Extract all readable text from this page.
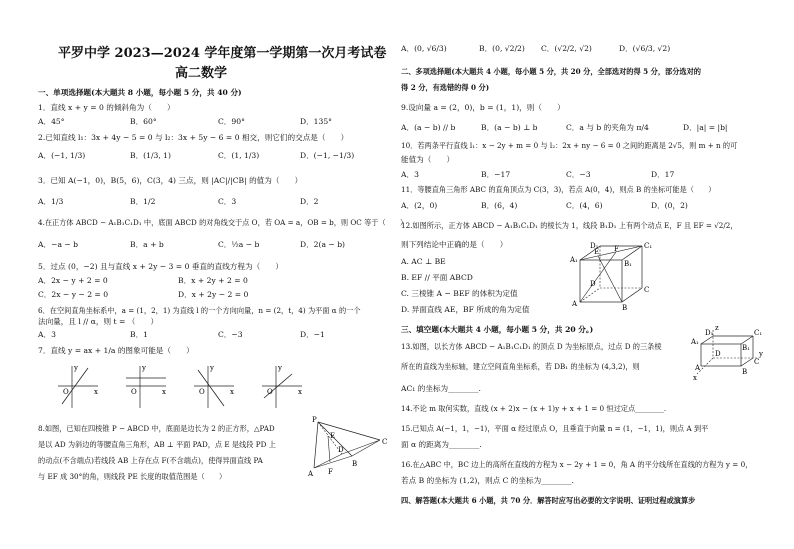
平罗中学 2023—2024 学年度第一学期第一次月考试卷
高二数学
一、单项选择题(本大题共 8 小题，每小题 5 分，共 40 分)
1．直线 x + y = 0 的倾斜角为（　　）
A．45°	B．60°	C．90°	D．135°
2.已知直线 l₁：3x + 4y − 5 = 0 与 l₂：3x + 5y − 6 = 0 相交，则它们的交点是（　　）
A．(−1, 1/3)	B．(1/3, 1)	C．(1, 1/3)	D．(−1, −1/3)
3．已知 A(−1，0)，B(5，6)，C(3，4) 三点，则 |AC|/|CB| 的值为（　　）
A．1/3	B．1/2	C．3	D．2
4.在正方体 ABCD − A₁B₁C₁D₁ 中，底面 ABCD 的对角线交于点 O，若 OA = a，OB = b，则 OC 等于（　　）
A．−a − b	B．a + b	C．½a − b	D．2(a − b)
5．过点 (0，−2) 且与直线 x + 2y − 3 = 0 垂直的直线方程为（　　）
A．2x − y + 2 = 0	B．x + 2y + 2 = 0
C．2x − y − 2 = 0	D．x + 2y − 2 = 0
6．在空间直角坐标系中，a = (1，2，1) 为直线 l 的一个方向向量，n = (2，t，4) 为平面 α 的一个
法向量，且 l // α，则 t = （　　）
A．3	B．1	C．−3	D．−1
7．直线 y = ax + 1/a 的图象可能是（　　）
y
x
O
y
x
O
y
x
O
y
x
O
8.如图，已知在四棱锥 P − ABCD 中，底面是边长为 2 的正方形，△PAD
是以 AD 为斜边的等腰直角三角形，AB ⊥ 平面 PAD，点 E 是线段 PD 上
的动点(不含端点)若线段 AB 上存在点 F(不含端点)，使得异面直线 PA
与 EF 成 30°的角，则线段 PE 长度的取值范围是（　　）
P
E
A
B
C
D
F
A．(0, √6/3)	B．(0, √2/2) C．(√2/2, √2)	D．(√6/3, √2)
二、多项选择题(本大题共 4 小题，每小题 5 分，共 20 分，全部选对的得 5 分，部分选对的
得 2 分，有选错的得 0 分)
9.设向量 a = (2，0)，b = (1，1)，则（　　）
A．(a − b) // b	B．(a − b) ⊥ b	C．a 与 b 的夹角为 π/4	D．|a| = |b|
10．若两条平行直线 l₁：x − 2y + m = 0 与 l₂：2x + ny − 6 = 0 之间的距离是 2√5，则 m + n 的可
能值为（　　）
A．3	B．−17	C．−3	D．17
11．等腰直角三角形 ABC 的直角顶点为 C(3，3)，若点 A(0，4)，则点 B 的坐标可能是（　　）
A．(2，0)	B．(6，4)	C．(4，6)	D．(0，2)
12.如图所示，正方体 ABCD − A₁B₁C₁D₁ 的棱长为 1，线段 B₁D₁ 上有两个动点 E，F 且 EF = √2/2，
则下列结论中正确的是（　　）
A. AC ⊥ BE
B. EF // 平面 ABCD
C. 三棱锥 A − BEF 的体积为定值
D. 异面直线 AE，BF 所成的角为定值
D₁	C₁
A₁	B₁
E F
D
C
A	B
三、填空题(本大题共 4 小题，每小题 5 分，共 20 分。)
13.如图，以长方体 ABCD − A₁B₁C₁D₁ 的顶点 D 为坐标原点，过点 D 的三条棱
所在的直线为坐标轴，建立空间直角坐标系，若 DB₁ 的坐标为 (4,3,2)，则
AC₁ 的坐标为________.
z
D₁	C₁
A₁
B₁
D
C
y
A	B
x
14.不论 m 取何实数，直线 (x + 2)x − (x + 1)y + x + 1 = 0 恒过定点________.
15.已知点 A(−1，1，−1)，平面 α 经过原点 O，且垂直于向量 n = (1，−1，1)，则点 A 到平
面 α 的距离为________.
16.在△ABC 中，BC 边上的高所在直线的方程为 x − 2y + 1 = 0，角 A 的平分线所在直线的方程为 y = 0，
若点 B 的坐标为 (1,2)，则点 C 的坐标为________.
四、解答题(本大题共 6 小题，共 70 分．解答时应写出必要的文字说明、证明过程或演算步
